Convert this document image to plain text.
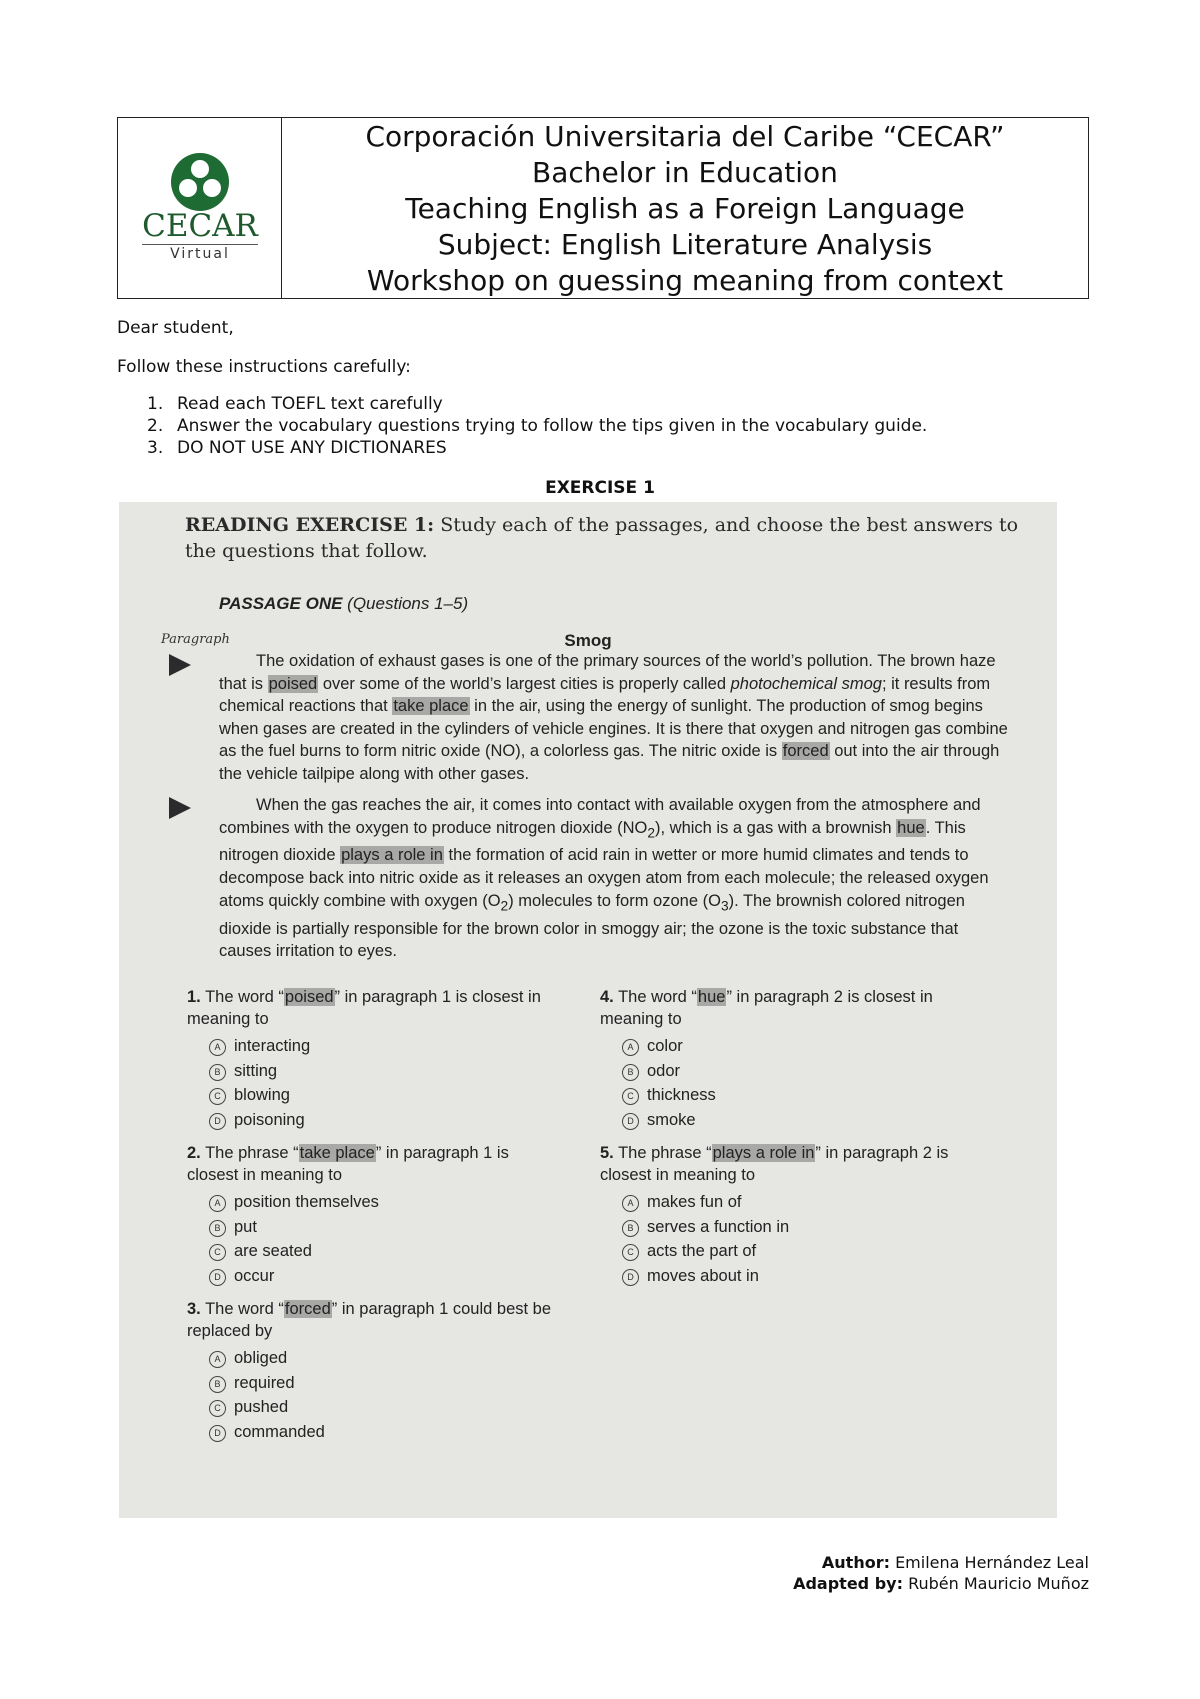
CECAR
Virtual
Corporación Universitaria del Caribe “CECAR”
Bachelor in Education
Teaching English as a Foreign Language
Subject: English Literature Analysis
Workshop on guessing meaning from context
Dear student,
Follow these instructions carefully:
1. Read each TOEFL text carefully
2. Answer the vocabulary questions trying to follow the tips given in the vocabulary guide.
3. DO NOT USE ANY DICTIONARES
EXERCISE 1
READING EXERCISE 1: Study each of the passages, and choose the best answers to the questions that follow.
PASSAGE ONE (Questions 1–5)
Paragraph	Smog
The oxidation of exhaust gases is one of the primary sources of the world’s pollution. The brown haze that is poised over some of the world’s largest cities is properly called photochemical smog; it results from chemical reactions that take place in the air, using the energy of sunlight. The production of smog begins when gases are created in the cylinders of vehicle engines. It is there that oxygen and nitrogen gas combine as the fuel burns to form nitric oxide (NO), a colorless gas. The nitric oxide is forced out into the air through the vehicle tailpipe along with other gases.
When the gas reaches the air, it comes into contact with available oxygen from the atmosphere and combines with the oxygen to produce nitrogen dioxide $(NO_2)$, which is a gas with a brownish hue. This nitrogen dioxide plays a role in the formation of acid rain in wetter or more humid climates and tends to decompose back into nitric oxide as it releases an oxygen atom from each molecule; the released oxygen atoms quickly combine with oxygen $(O_2)$ molecules to form ozone $(O_3)$. The brownish colored nitrogen dioxide is partially responsible for the brown color in smoggy air; the ozone is the toxic substance that causes irritation to eyes.
1. The word “poised” in paragraph 1 is closest in meaning to
A interacting
B sitting
C blowing
D poisoning
2. The phrase “take place” in paragraph 1 is closest in meaning to
A position themselves
B put
C are seated
D occur
3. The word “forced” in paragraph 1 could best be replaced by
A obliged
B required
C pushed
D commanded
4. The word “hue” in paragraph 2 is closest in meaning to
A color
B odor
C thickness
D smoke
5. The phrase “plays a role in” in paragraph 2 is closest in meaning to
A makes fun of
B serves a function in
C acts the part of
D moves about in
Author: Emilena Hernández Leal
Adapted by: Rubén Mauricio Muñoz
